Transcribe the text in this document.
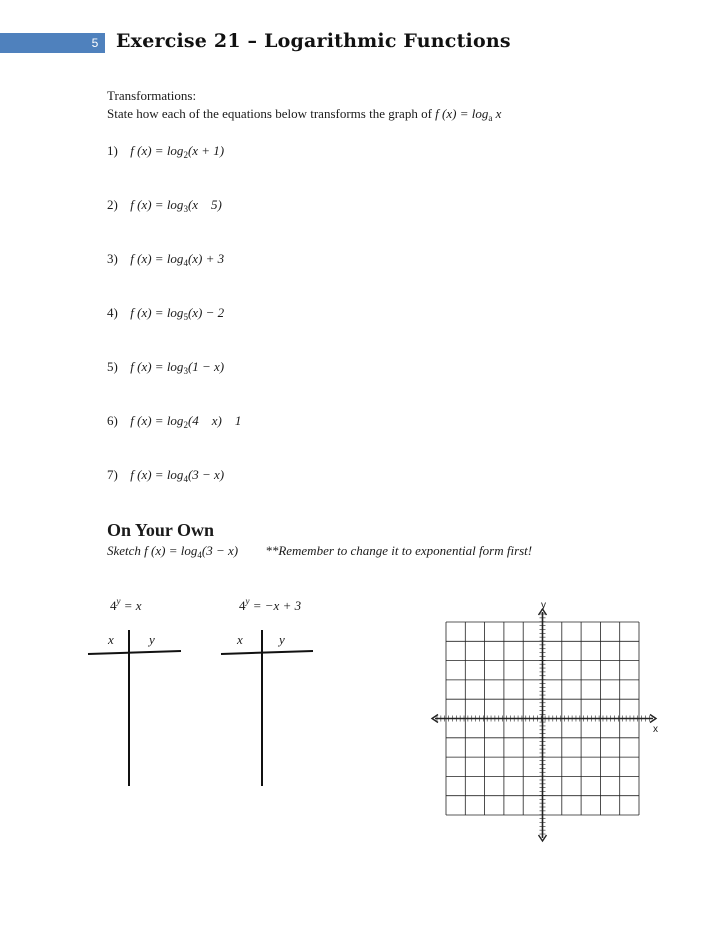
5 Exercise 21 – Logarithmic Functions
Transformations:
State how each of the equations below transforms the graph of f $(x) = \log_a x$
1) f $(x) = \log_2(x + 1)$
2) f $(x) = \log_3(x$    5)
3) f $(x) = \log_4(x) + 3$
4) f $(x) = \log_5(x) - 2$
5) f $(x) = \log_3(1 - x)$
6) f $(x) = \log_2(4$    x)    1
7) f $(x) = \log_4(3 - x)$
On Your Own
Sketch f $(x) = \log_4(3 - x)$ **Remember to change it to exponential form first!
$4^y = x$
x	y
$4^y = -x + 3$
x	y
y
x
